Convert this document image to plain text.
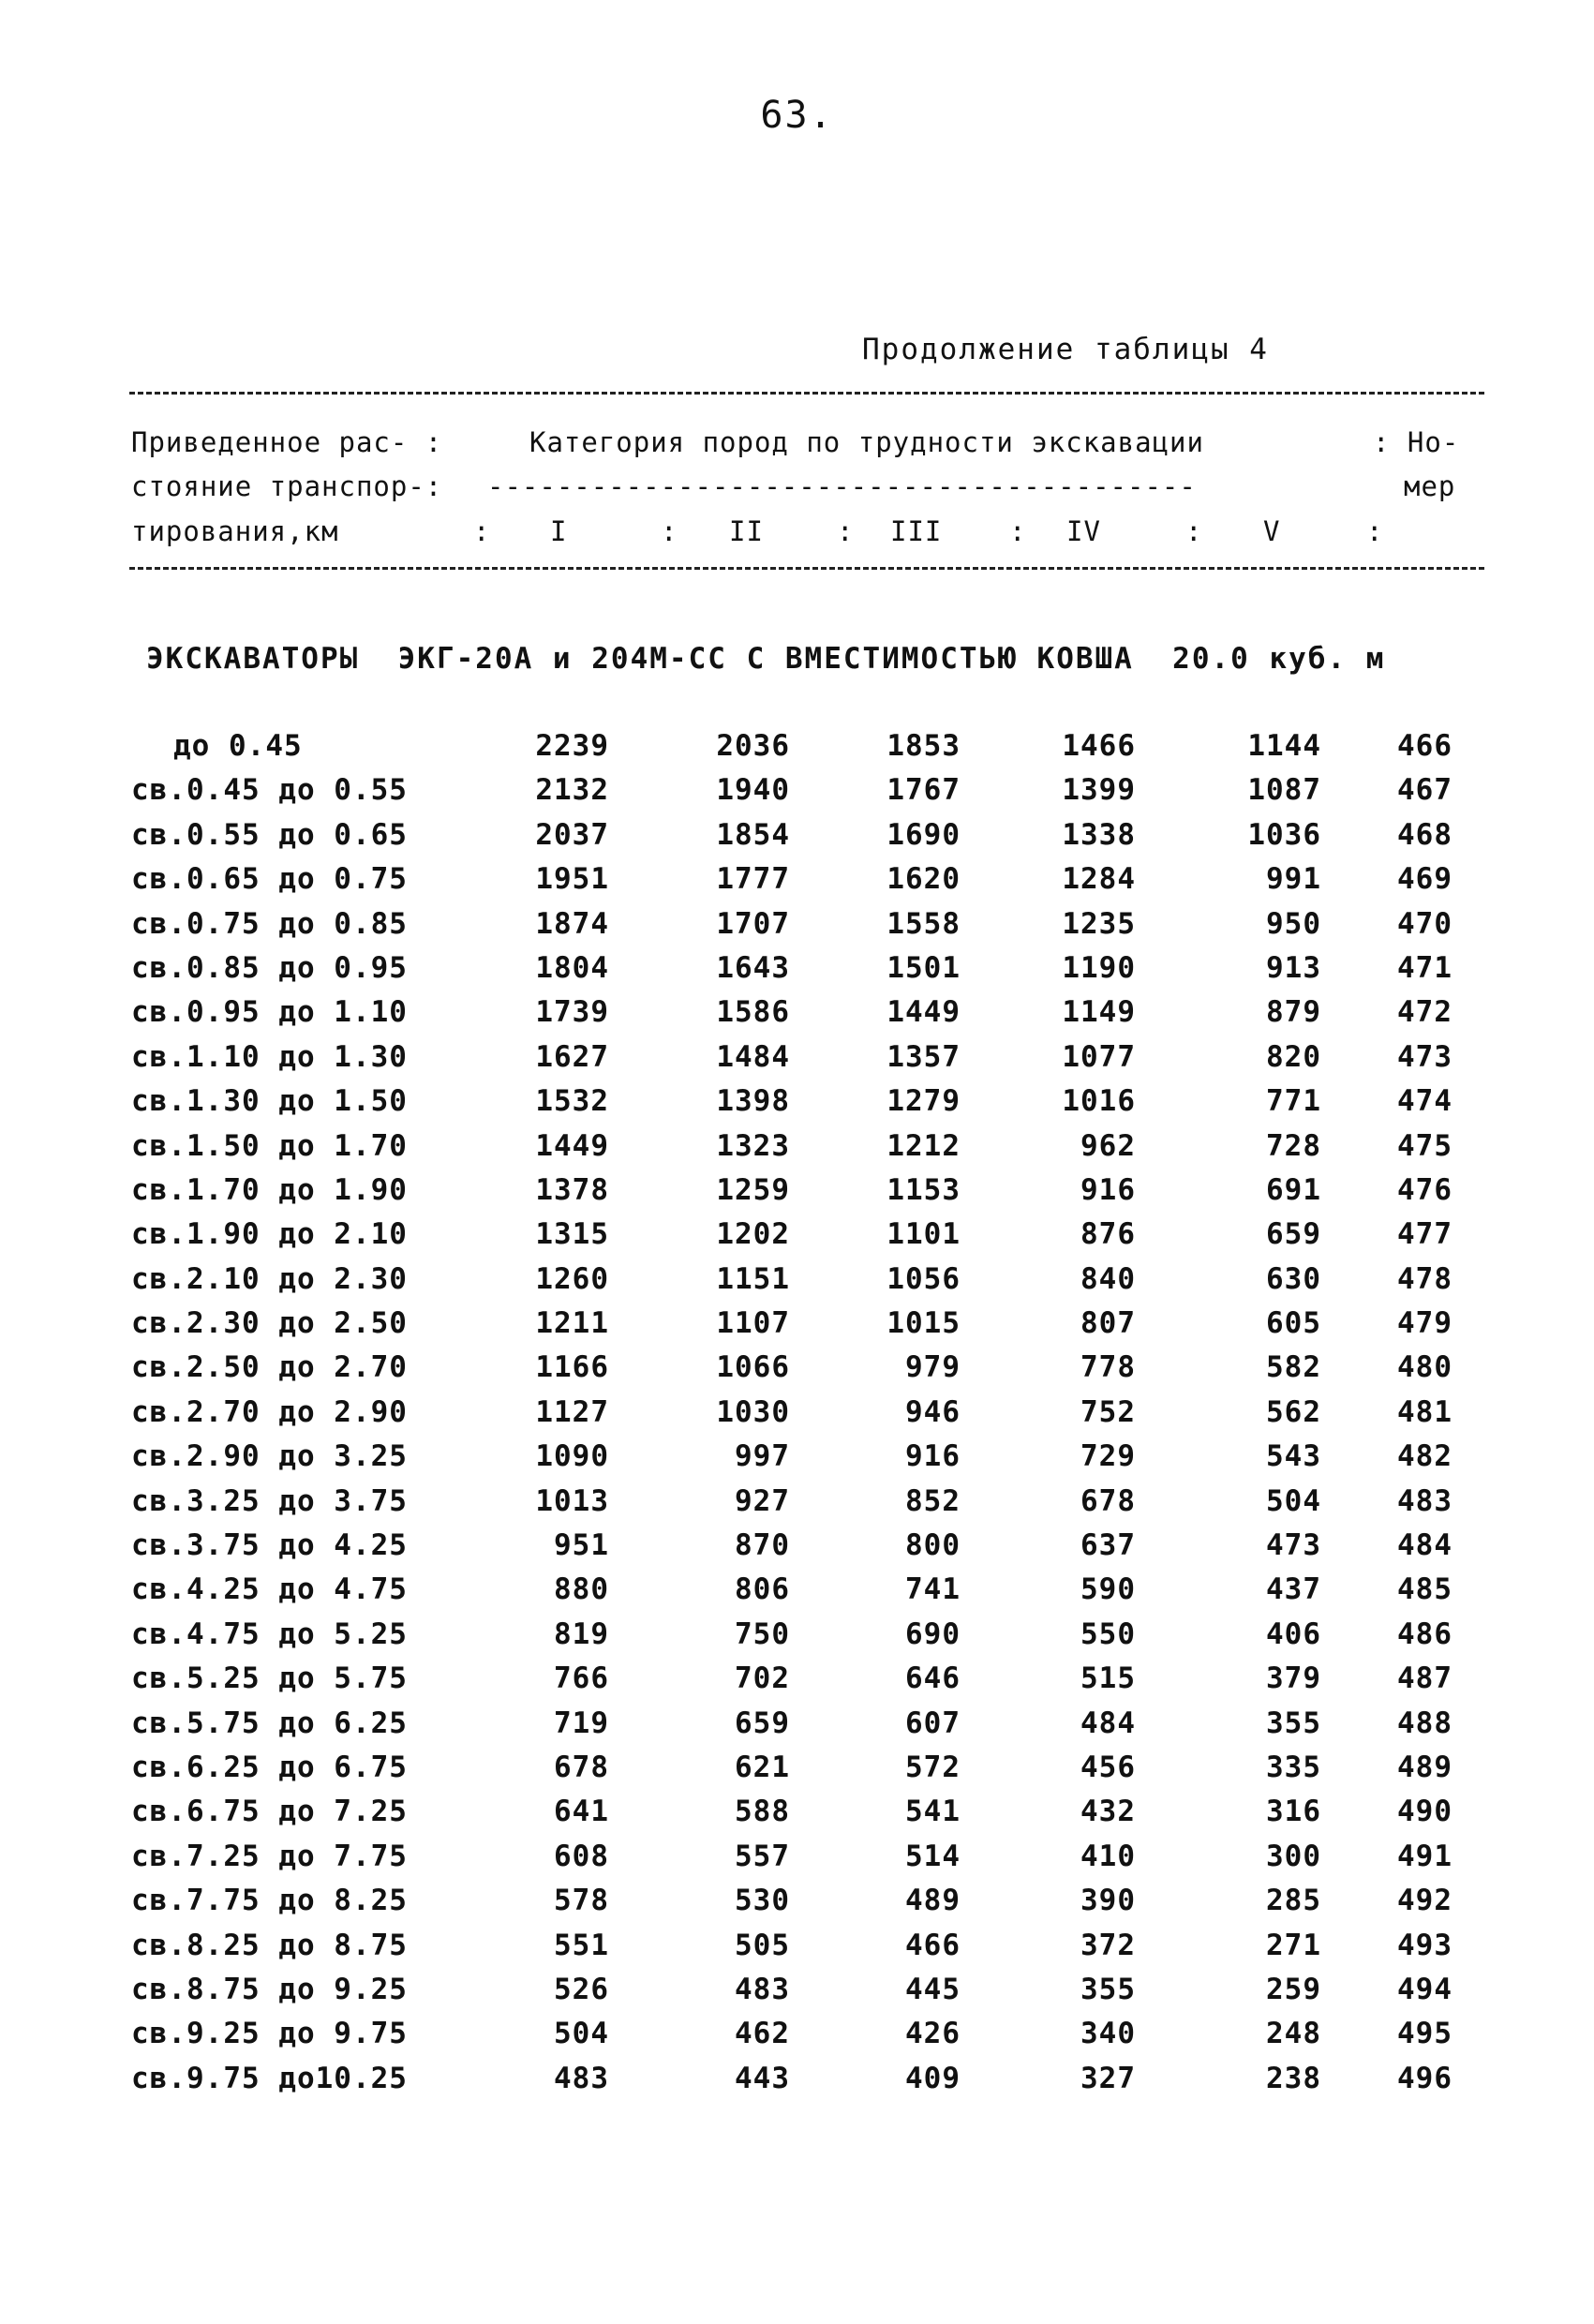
63.
Продолжение таблицы 4
Приведенное рас- :	Категория пород по трудности экскавации	: Но-
стояние транспор-: -----------------------------------------	мер
тирования,км	: I	: II	: III : IV	: V	:
ЭКСКАВАТОРЫ  ЭКГ-20А и 204М-СС С ВМЕСТИМОСТЬЮ КОВША  20.0 куб. м
до 0.45	2239	2036	1853	1466	1144	466
св.0.45 до 0.55	2132	1940	1767	1399	1087	467
св.0.55 до 0.65	2037	1854	1690	1338	1036	468
св.0.65 до 0.75	1951	1777	1620	1284	991	469
св.0.75 до 0.85	1874	1707	1558	1235	950	470
св.0.85 до 0.95	1804	1643	1501	1190	913	471
св.0.95 до 1.10	1739	1586	1449	1149	879	472
св.1.10 до 1.30	1627	1484	1357	1077	820	473
св.1.30 до 1.50	1532	1398	1279	1016	771	474
св.1.50 до 1.70	1449	1323	1212	962	728	475
св.1.70 до 1.90	1378	1259	1153	916	691	476
св.1.90 до 2.10	1315	1202	1101	876	659	477
св.2.10 до 2.30	1260	1151	1056	840	630	478
св.2.30 до 2.50	1211	1107	1015	807	605	479
св.2.50 до 2.70	1166	1066	979	778	582	480
св.2.70 до 2.90	1127	1030	946	752	562	481
св.2.90 до 3.25	1090	997	916	729	543	482
св.3.25 до 3.75	1013	927	852	678	504	483
св.3.75 до 4.25	951	870	800	637	473	484
св.4.25 до 4.75	880	806	741	590	437	485
св.4.75 до 5.25	819	750	690	550	406	486
св.5.25 до 5.75	766	702	646	515	379	487
св.5.75 до 6.25	719	659	607	484	355	488
св.6.25 до 6.75	678	621	572	456	335	489
св.6.75 до 7.25	641	588	541	432	316	490
св.7.25 до 7.75	608	557	514	410	300	491
св.7.75 до 8.25	578	530	489	390	285	492
св.8.25 до 8.75	551	505	466	372	271	493
св.8.75 до 9.25	526	483	445	355	259	494
св.9.25 до 9.75	504	462	426	340	248	495
св.9.75 до10.25	483	443	409	327	238	496
